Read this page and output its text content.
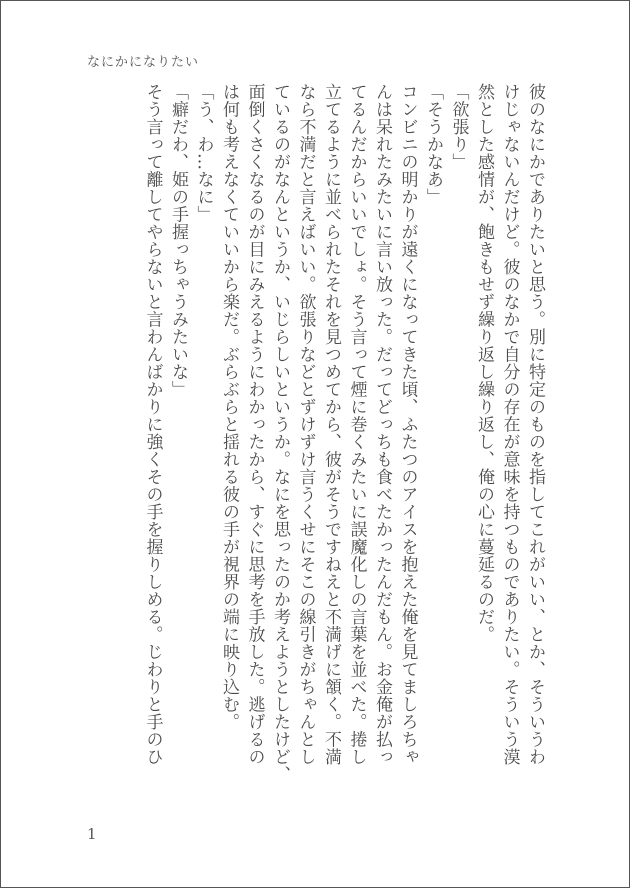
なにかになりたい

彼のなにかでありたいと思う。別に特定のものを指してこれがいい、とか、そういうわ

けじゃないんだけど。彼のなかで自分の存在が意味を持つものでありたい。そういう漠

然とした感情が、飽きもせず繰り返し繰り返し、俺の心に蔓延るのだ。

「欲張り」

「そうかなあ」

コンビニの明かりが遠くになってきた頃、ふたつのアイスを抱えた俺を見てましろちゃ

んは呆れたみたいに言い放った。だってどっちも食べたかったんだもん。お金俺が払っ

てるんだからいいでしょ。そう言って煙に巻くみたいに誤魔化しの言葉を並べた。捲し

立てるように並べられたそれを見つめてから、彼がそうですねえと不満げに頷く。不満

なら不満だと言えばいい。欲張りなどとずけずけ言うくせにそこの線引きがちゃんとし

ているのがなんというか、いじらしいというか。なにを思ったのか考えようとしたけど、

面倒くさくなるのが目にみえるようにわかったから、すぐに思考を手放した。逃げるの

は何も考えなくていいから楽だ。ぶらぶらと揺れる彼の手が視界の端に映り込む。

「う、わ…なに」

「癖だわ、姫の手握っちゃうみたいな」

そう言って離してやらないと言わんばかりに強くその手を握りしめる。じわりと手のひ

1
